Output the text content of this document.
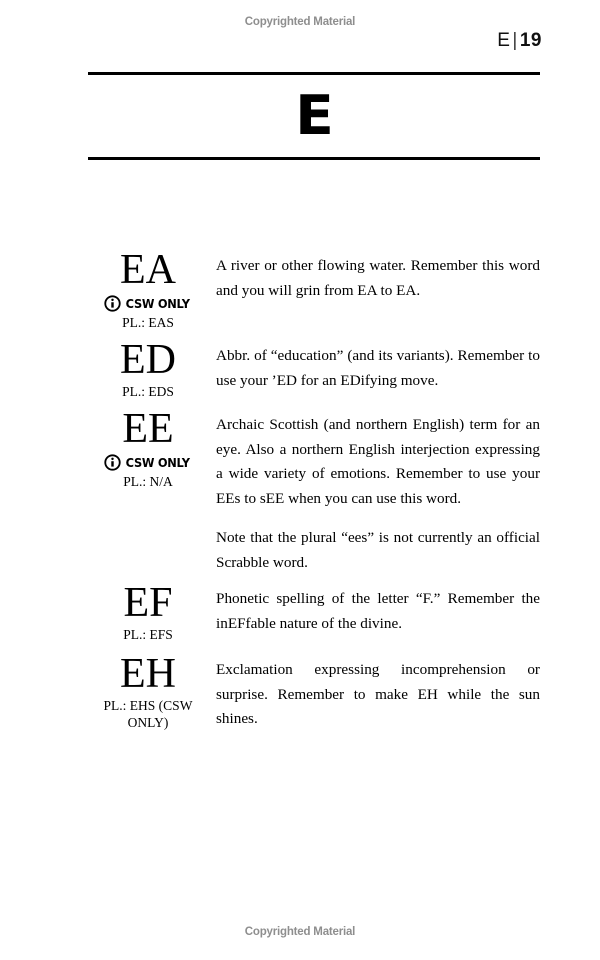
Copyrighted Material
E | 19
E
EA
CSW ONLY
PL.: EAS

A river or other flowing water. Remember this word and you will grin from EA to EA.

ED
PL.: EDS

Abbr. of “education” (and its variants). Remember to use your ’ED for an EDifying move.

EE
CSW ONLY
PL.: N/A

Archaic Scottish (and northern English) term for an eye. Also a northern English interjection expressing a wide variety of emotions. Remember to use your EEs to sEE when you can use this word.

Note that the plural “ees” is not currently an official Scrabble word.

EF
PL.: EFS

Phonetic spelling of the letter “F.” Remember the inEFfable nature of the divine.

EH
PL.: EHS (CSW ONLY)

Exclamation expressing incomprehension or surprise. Remember to make EH while the sun shines.

Copyrighted Material
